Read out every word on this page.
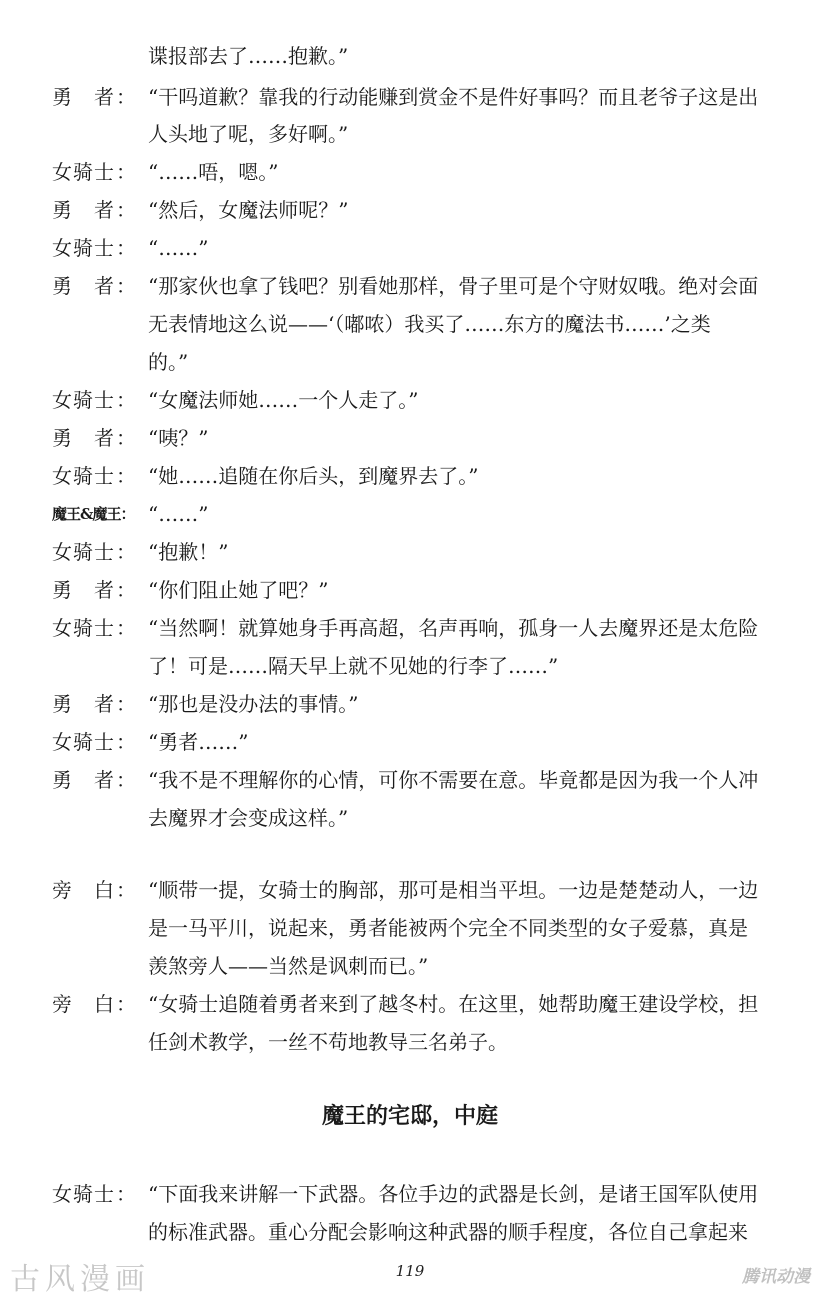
谍报部去了……抱歉。”
勇 者 ： “干吗道歉？靠我的行动能赚到赏金不是件好事吗？而且老爷子这是出
人头地了呢，多好啊。”
女 骑 士 ： “……唔，嗯。”
勇 者 ： “然后，女魔法师呢？”
女 骑 士 ： “……”
勇 者 ： “那家伙也拿了钱吧？别看她那样，骨子里可是个守财奴哦。绝对会面
无表情地这么说——‘（嘟哝）我买了……东方的魔法书……’之类
的。”
女 骑 士 ： “女魔法师她……一个人走了。”
勇 者 ： “咦？”
女 骑 士 ： “她……追随在你后头，到魔界去了。”
魔王&魔王： “……”
女 骑 士 ： “抱歉！”
勇 者 ： “你们阻止她了吧？”
女 骑 士 ： “当然啊！就算她身手再高超，名声再响，孤身一人去魔界还是太危险
了！可是……隔天早上就不见她的行李了……”
勇 者 ： “那也是没办法的事情。”
女 骑 士 ： “勇者……”
勇 者 ： “我不是不理解你的心情，可你不需要在意。毕竟都是因为我一个人冲
去魔界才会变成这样。”
旁 白 ： “顺带一提，女骑士的胸部，那可是相当平坦。一边是楚楚动人，一边
是一马平川，说起来，勇者能被两个完全不同类型的女子爱慕，真是
羡煞旁人——当然是讽刺而已。”
旁 白 ： “女骑士追随着勇者来到了越冬村。在这里，她帮助魔王建设学校，担
任剑术教学，一丝不苟地教导三名弟子。
女 骑 士 ： “下面我来讲解一下武器。各位手边的武器是长剑，是诸王国军队使用
的标准武器。重心分配会影响这种武器的顺手程度，各位自己拿起来
魔王的宅邸，中庭
119
古风漫画	腾讯动漫
